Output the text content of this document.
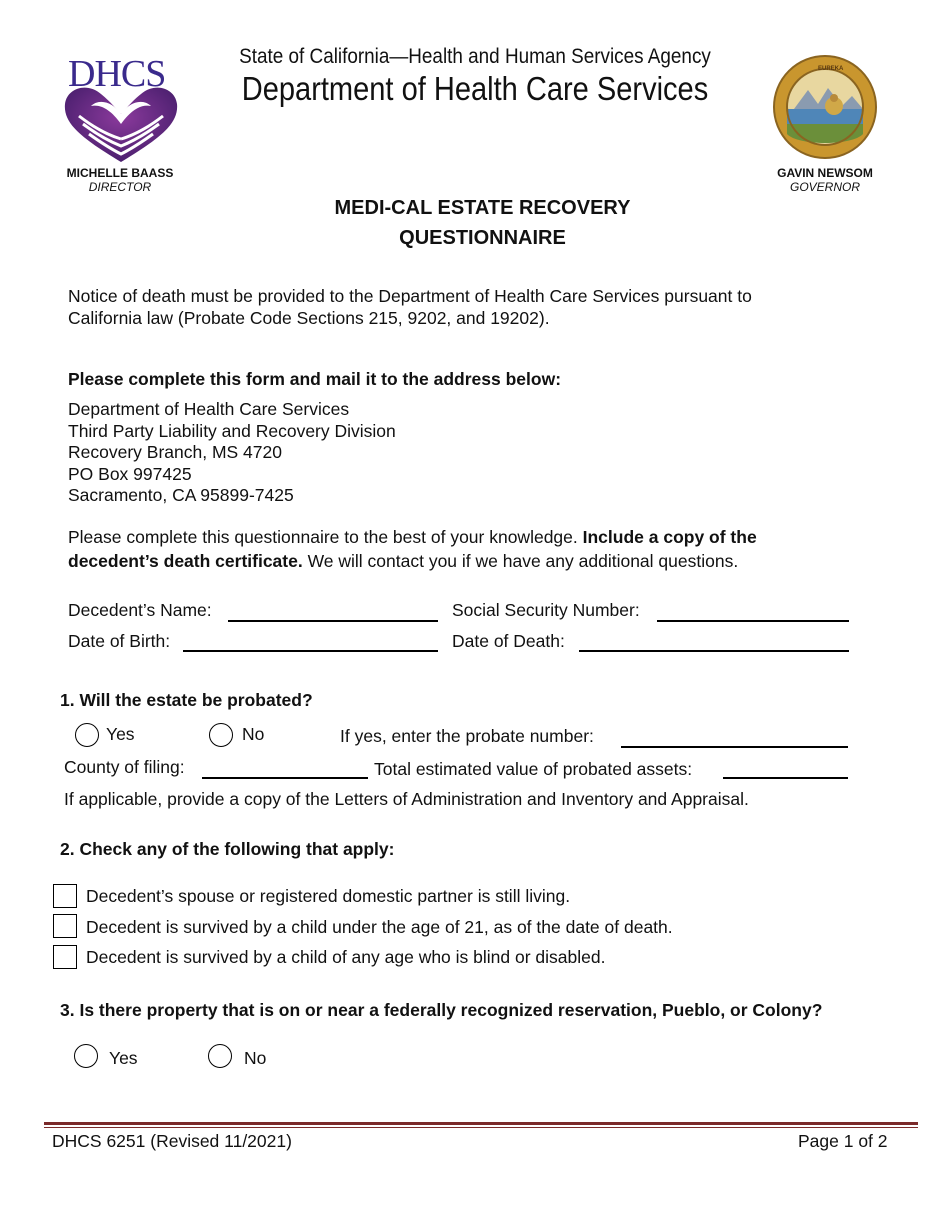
DHCS
MICHELLE BAASS
DIRECTOR
State of California—Health and Human Services Agency
Department of Health Care Services
EUREKA
GAVIN NEWSOM
GOVERNOR
MEDI-CAL ESTATE RECOVERY
QUESTIONNAIRE
Notice of death must be provided to the Department of Health Care Services pursuant to
California law (Probate Code Sections 215, 9202, and 19202).
Please complete this form and mail it to the address below:
Department of Health Care Services
Third Party Liability and Recovery Division
Recovery Branch, MS 4720
PO Box 997425
Sacramento, CA 95899-7425
Please complete this questionnaire to the best of your knowledge. Include a copy of the
decedent’s death certificate. We will contact you if we have any additional questions.
Decedent’s Name:	Social Security Number:
Date of Birth:	Date of Death:
1. Will the estate be probated?
Yes	No	If yes, enter the probate number:
County of filing:	Total estimated value of probated assets:
If applicable, provide a copy of the Letters of Administration and Inventory and Appraisal.
2. Check any of the following that apply:
Decedent’s spouse or registered domestic partner is still living.
Decedent is survived by a child under the age of 21, as of the date of death.
Decedent is survived by a child of any age who is blind or disabled.
3. Is there property that is on or near a federally recognized reservation, Pueblo, or Colony?
Yes	No
DHCS 6251 (Revised 11/2021)	Page 1 of 2
